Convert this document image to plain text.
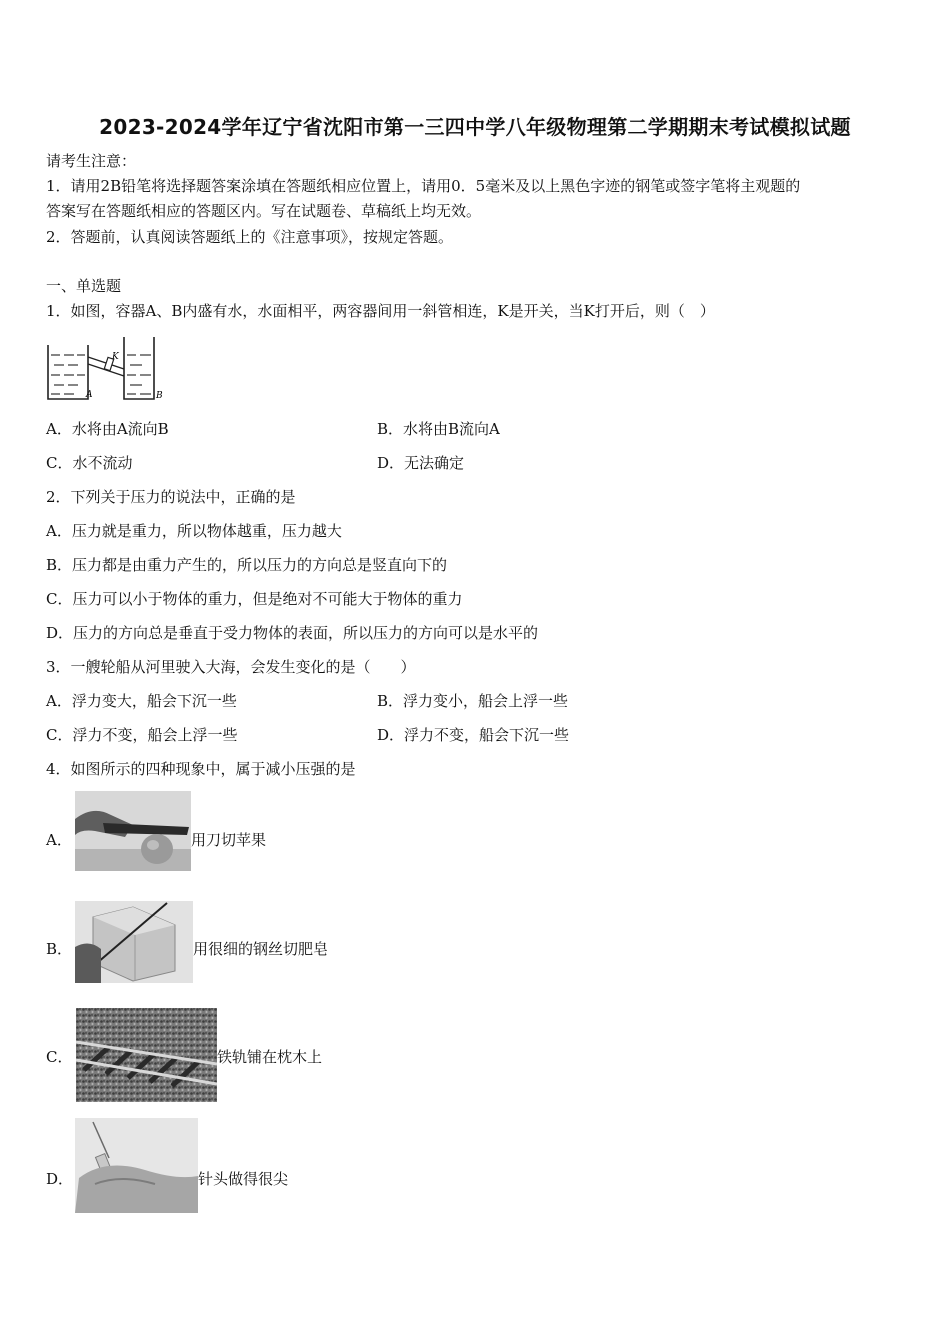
2023-2024学年辽宁省沈阳市第一三四中学八年级物理第二学期期末考试模拟试题
请考生注意：
1．请用2B铅笔将选择题答案涂填在答题纸相应位置上，请用0．5毫米及以上黑色字迹的钢笔或签字笔将主观题的
答案写在答题纸相应的答题区内。写在试题卷、草稿纸上均无效。
2．答题前，认真阅读答题纸上的《注意事项》，按规定答题。
一、单选题
1．如图，容器A、B内盛有水，水面相平，两容器间用一斜管相连，K是开关，当K打开后，则（　）
K
A	B
A．水将由A流向B	B．水将由B流向A
C．水不流动	D．无法确定
2．下列关于压力的说法中，正确的是
A．压力就是重力，所以物体越重，压力越大
B．压力都是由重力产生的，所以压力的方向总是竖直向下的
C．压力可以小于物体的重力，但是绝对不可能大于物体的重力
D．压力的方向总是垂直于受力物体的表面，所以压力的方向可以是水平的
3．一艘轮船从河里驶入大海，会发生变化的是（　　）
A．浮力变大，船会下沉一些	B．浮力变小，船会上浮一些
C．浮力不变，船会上浮一些	D．浮力不变，船会下沉一些
4．如图所示的四种现象中，属于减小压强的是
A．	用刀切苹果
B．	用很细的钢丝切肥皂
C．	铁轨铺在枕木上
D．	针头做得很尖
